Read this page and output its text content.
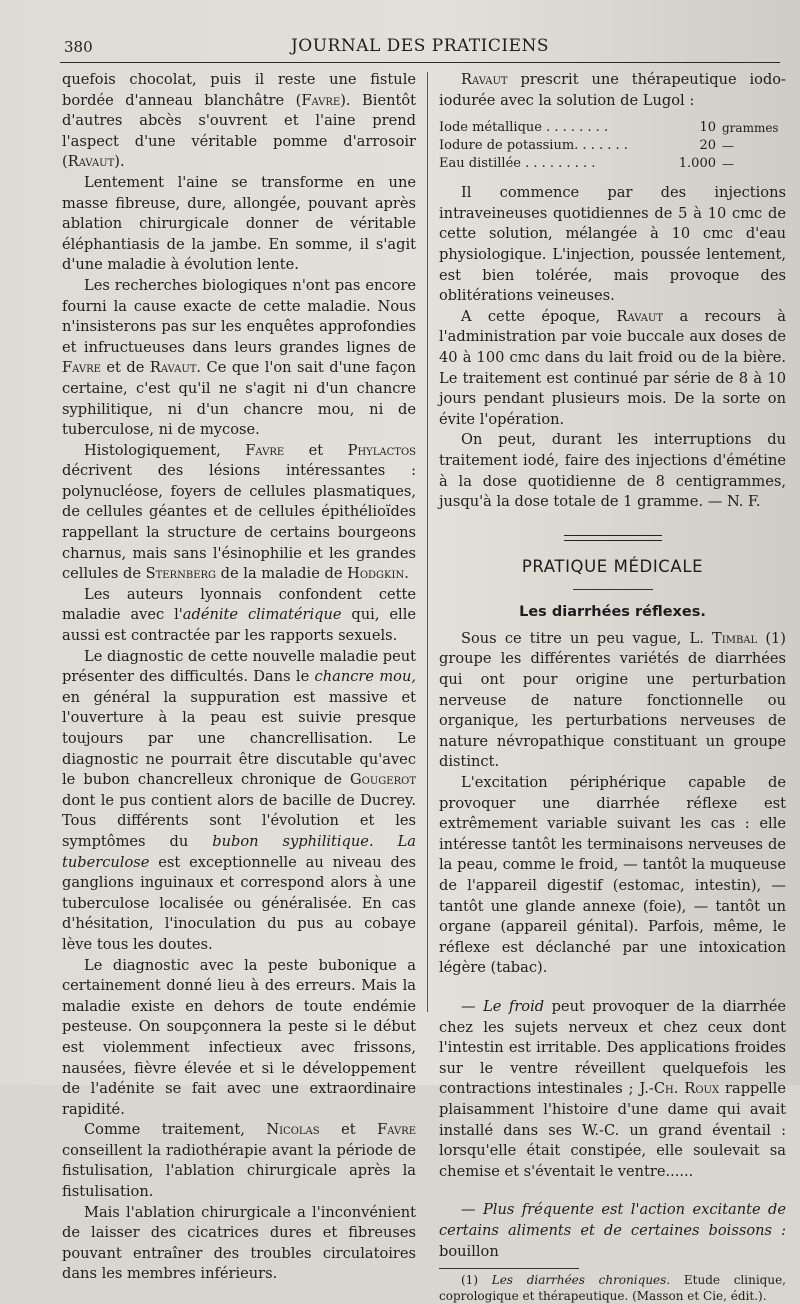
380	JOURNAL DES PRATICIENS

quefois chocolat, puis il reste une fistule bordée d'anneau blanchâtre (Favre). Bientôt d'autres abcès s'ouvrent et l'aine prend l'aspect d'une véritable pomme d'arrosoir (Ravaut).

Lentement l'aine se transforme en une masse fibreuse, dure, allongée, pouvant après ablation chirurgicale donner de véritable éléphantiasis de la jambe. En somme, il s'agit d'une maladie à évolution lente.

Les recherches biologiques n'ont pas encore fourni la cause exacte de cette maladie. Nous n'insisterons pas sur les enquêtes approfondies et infructueuses dans leurs grandes lignes de Favre et de Ravaut. Ce que l'on sait d'une façon certaine, c'est qu'il ne s'agit ni d'un chancre syphilitique, ni d'un chancre mou, ni de tuberculose, ni de mycose.

Histologiquement, Favre et Phylactos décrivent des lésions intéressantes : polynucléose, foyers de cellules plasmatiques, de cellules géantes et de cellules épithélioïdes rappellant la structure de certains bourgeons charnus, mais sans l'ésinophilie et les grandes cellules de Sternberg de la maladie de Hodgkin.

Les auteurs lyonnais confondent cette maladie avec l'adénite climatérique qui, elle aussi est contractée par les rapports sexuels.

Le diagnostic de cette nouvelle maladie peut présenter des difficultés. Dans le chancre mou, en général la suppuration est massive et l'ouverture à la peau est suivie presque toujours par une chancrellisation. Le diagnostic ne pourrait être discutable qu'avec le bubon chancrelleux chronique de Gougerot dont le pus contient alors de bacille de Ducrey. Tous différents sont l'évolution et les symptômes du bubon syphilitique. La tuberculose est exceptionnelle au niveau des ganglions inguinaux et correspond alors à une tuberculose localisée ou généralisée. En cas d'hésitation, l'inoculation du pus au cobaye lève tous les doutes.

Le diagnostic avec la peste bubonique a certainement donné lieu à des erreurs. Mais la maladie existe en dehors de toute endémie pesteuse. On soupçonnera la peste si le début est violemment infectieux avec frissons, nausées, fièvre élevée et si le développement de l'adénite se fait avec une extraordinaire rapidité.

Comme traitement, Nicolas et Favre conseillent la radiothérapie avant la période de fistulisation, l'ablation chirurgicale après la fistulisation.

Mais l'ablation chirurgicale a l'inconvénient de laisser des cicatrices dures et fibreuses pouvant entraîner des troubles circulatoires dans les membres inférieurs.

Ravaut prescrit une thérapeutique iodo-iodurée avec la solution de Lugol :

Iode métallique . . . . . . . .	10 grammes
Iodure de potassium. . . . . . .	20 —
Eau distillée . . . . . . . . .	1.000 —

Il commence par des injections intraveineuses quotidiennes de 5 à 10 cmc de cette solution, mélangée à 10 cmc d'eau physiologique. L'injection, poussée lentement, est bien tolérée, mais provoque des oblitérations veineuses.

A cette époque, Ravaut a recours à l'administration par voie buccale aux doses de 40 à 100 cmc dans du lait froid ou de la bière. Le traitement est continué par série de 8 à 10 jours pendant plusieurs mois. De la sorte on évite l'opération.

On peut, durant les interruptions du traitement iodé, faire des injections d'émétine à la dose quotidienne de 8 centigrammes, jusqu'à la dose totale de 1 gramme. — N. F.

PRATIQUE MÉDICALE
Les diarrhées réflexes.

Sous ce titre un peu vague, L. Timbal (1) groupe les différentes variétés de diarrhées qui ont pour origine une perturbation nerveuse de nature fonctionnelle ou organique, les perturbations nerveuses de nature névropathique constituant un groupe distinct.

L'excitation périphérique capable de provoquer une diarrhée réflexe est extrêmement variable suivant les cas : elle intéresse tantôt les terminaisons nerveuses de la peau, comme le froid, — tantôt la muqueuse de l'appareil digestif (estomac, intestin), — tantôt une glande annexe (foie), — tantôt un organe (appareil génital). Parfois, même, le réflexe est déclanché par une intoxication légère (tabac).

— Le froid peut provoquer de la diarrhée chez les sujets nerveux et chez ceux dont l'intestin est irritable. Des applications froides sur le ventre réveillent quelquefois les contractions intestinales ; J.-Ch. Roux rappelle plaisamment l'histoire d'une dame qui avait installé dans ses W.-C. un grand éventail : lorsqu'elle était constipée, elle soulevait sa chemise et s'éventait le ventre......

— Plus fréquente est l'action excitante de certains aliments et de certaines boissons : bouillon

(1) Les diarrhées chroniques. Etude clinique, coprologique et thérapeutique. (Masson et Cie, édit.).
